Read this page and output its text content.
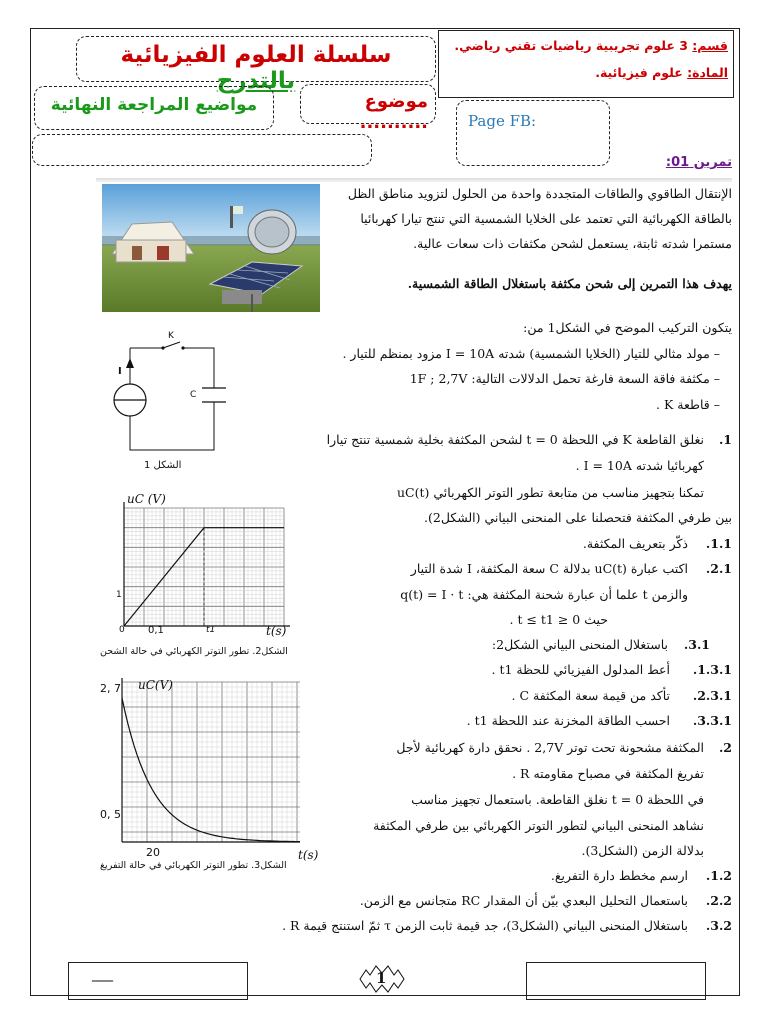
سلسلة العلوم الفيزيائية بالتدرج
قسم: 3 علوم تجريبية رياضيات تقني رياضي.
المادة: علوم فيزيائية.
مواضيع المراجعة النهائية	موضوع ..........	Page FB:
تمرين 01:
الإنتقال الطاقوي والطاقات المتجددة واحدة من الحلول لتزويد مناطق الظل
بالطاقة الكهربائية التي تعتمد على الخلايا الشمسية التي تنتج تيارا كهربائيا
مستمرا شدته ثابتة، يستعمل لشحن مكثفات ذات سعات عالية.
يهدف هذا التمرين إلى شحن مكثفة باستغلال الطاقة الشمسية.
يتكون التركيب الموضح في الشكل1 من:
– مولد مثالي للتيار (الخلايا الشمسية) شدته I = 10A مزود بمنظم للتيار .
– مكثفة فاقة السعة فارغة تحمل الدلالات التالية: 1F ; 2,7V
– قاطعة K .
K
I
C
الشكل 1
1.
نغلق القاطعة K في اللحظة t = 0 لشحن المكثفة بخلية شمسية تنتج تيارا
كهربائيا شدته I = 10A .
تمكنا بتجهيز مناسب من متابعة تطور التوتر الكهربائي uC(t)
بين طرفي المكثفة فتحصلنا على المنحنى البياني (الشكل2).
1.1.
ذكّر بتعريف المكثفة.
2.1.
اكتب عبارة uC(t) بدلالة C سعة المكثفة، I شدة التيار
والزمن t علما أن عبارة شحنة المكثفة هي: q(t) = I · t
حيث 0 ≤ t ≤ t1 .
3.1.
باستغلال المنحنى البياني الشكل2:
1.3.1.
أعط المدلول الفيزيائي للحظة t1 .
2.3.1.
تأكد من قيمة سعة المكثفة C .
3.3.1.
احسب الطاقة المخزنة عند اللحظة t1 .
2.
المكثفة مشحونة تحت توتر 2,7V . نحقق دارة كهربائية لأجل
تفريغ المكثفة في مصباح مقاومته R .
في اللحظة t = 0 نغلق القاطعة. باستعمال تجهيز مناسب
نشاهد المنحنى البياني لتطور التوتر الكهربائي بين طرفي المكثفة
بدلالة الزمن (الشكل3).
1.2.
ارسم مخطط دارة التفريغ.
2.2.
باستعمال التحليل البعدي بيّن أن المقدار RC متجانس مع الزمن.
3.2.
باستغلال المنحنى البياني (الشكل3)، جد قيمة ثابت الزمن τ ثمّ استنتج قيمة R .
uC (V)
1
0 0,1	t1	t(s)
الشكل2. تطور التوتر الكهربائي في حالة الشحن
uC(V)
2, 7
0, 5
20	t(s)
الشكل3. تطور التوتر الكهربائي في حالة التفريغ
___	1
